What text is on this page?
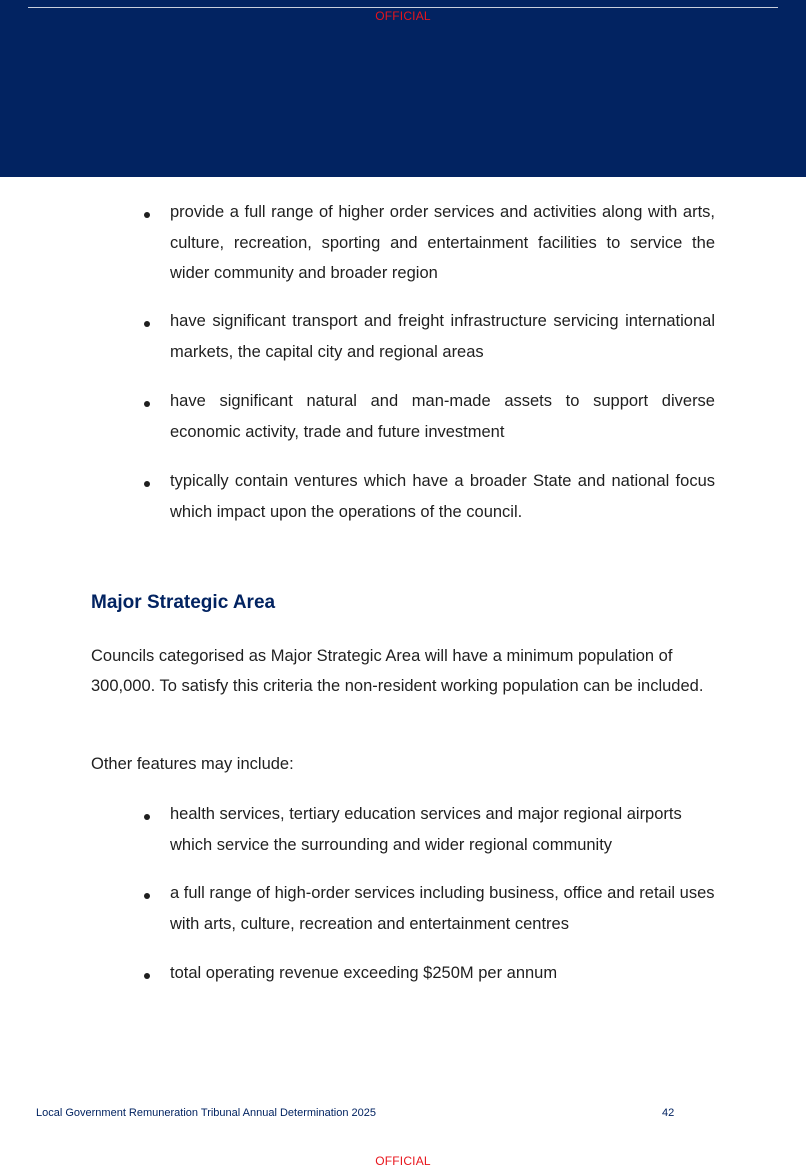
OFFICIAL
provide a full range of higher order services and activities along with arts, culture, recreation, sporting and entertainment facilities to service the wider community and broader region
have significant transport and freight infrastructure servicing international markets, the capital city and regional areas
have significant natural and man-made assets to support diverse economic activity, trade and future investment
typically contain ventures which have a broader State and national focus which impact upon the operations of the council.
Major Strategic Area
Councils categorised as Major Strategic Area will have a minimum population of 300,000. To satisfy this criteria the non-resident working population can be included.
Other features may include:
health services, tertiary education services and major regional airports which service the surrounding and wider regional community
a full range of high-order services including business, office and retail uses with arts, culture, recreation and entertainment centres
total operating revenue exceeding $250M per annum
Local Government Remuneration Tribunal Annual Determination 2025	42
OFFICIAL
